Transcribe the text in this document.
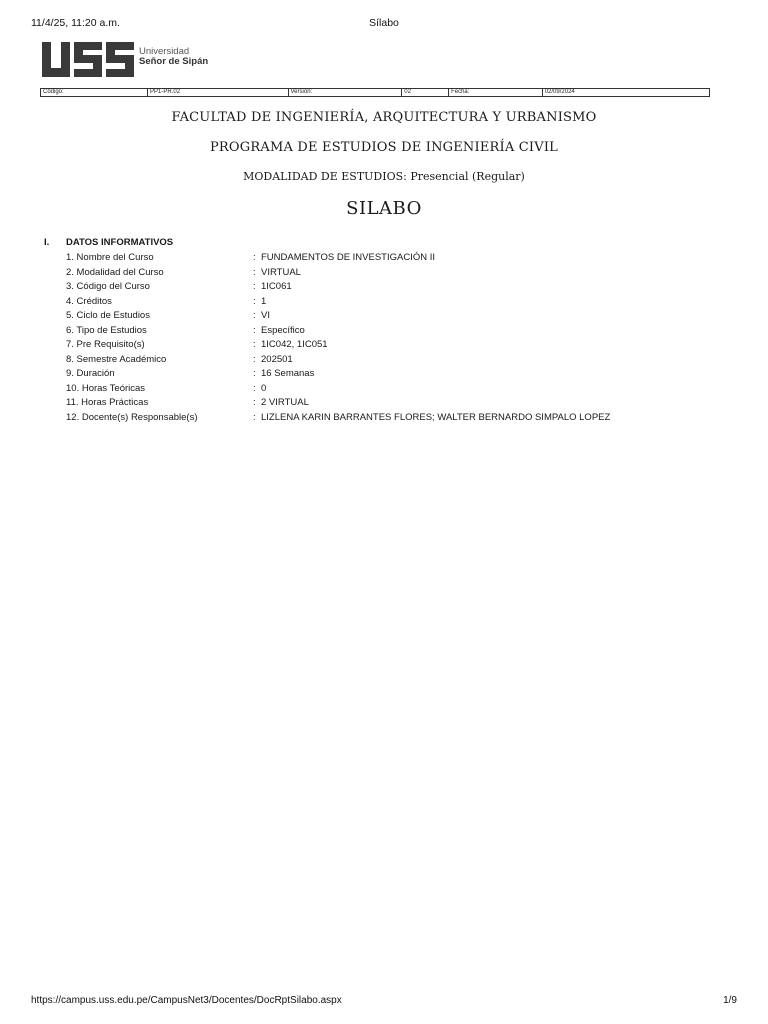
11/4/25, 11:20 a.m.	Sílabo
Universidad
Señor de Sipán
Código:	PP1-PR.02	Versión:	02	Fecha:	02/09/2024
FACULTAD DE INGENIERÍA, ARQUITECTURA Y URBANISMO
PROGRAMA DE ESTUDIOS DE INGENIERÍA CIVIL
MODALIDAD DE ESTUDIOS: Presencial (Regular)
SILABO
I. DATOS INFORMATIVOS
1. Nombre del Curso	: FUNDAMENTOS DE INVESTIGACIÓN II
2. Modalidad del Curso	: VIRTUAL
3. Código del Curso	: 1IC061
4. Créditos	: 1
5. Ciclo de Estudios	: VI
6. Tipo de Estudios	: Específico
7. Pre Requisito(s)	: 1IC042, 1IC051
8. Semestre Académico	: 202501
9. Duración	: 16 Semanas
10. Horas Teóricas	: 0
11. Horas Prácticas	: 2 VIRTUAL
12. Docente(s) Responsable(s)	: LIZLENA KARIN BARRANTES FLORES; WALTER BERNARDO SIMPALO LOPEZ
https://campus.uss.edu.pe/CampusNet3/Docentes/DocRptSilabo.aspx	1/9
